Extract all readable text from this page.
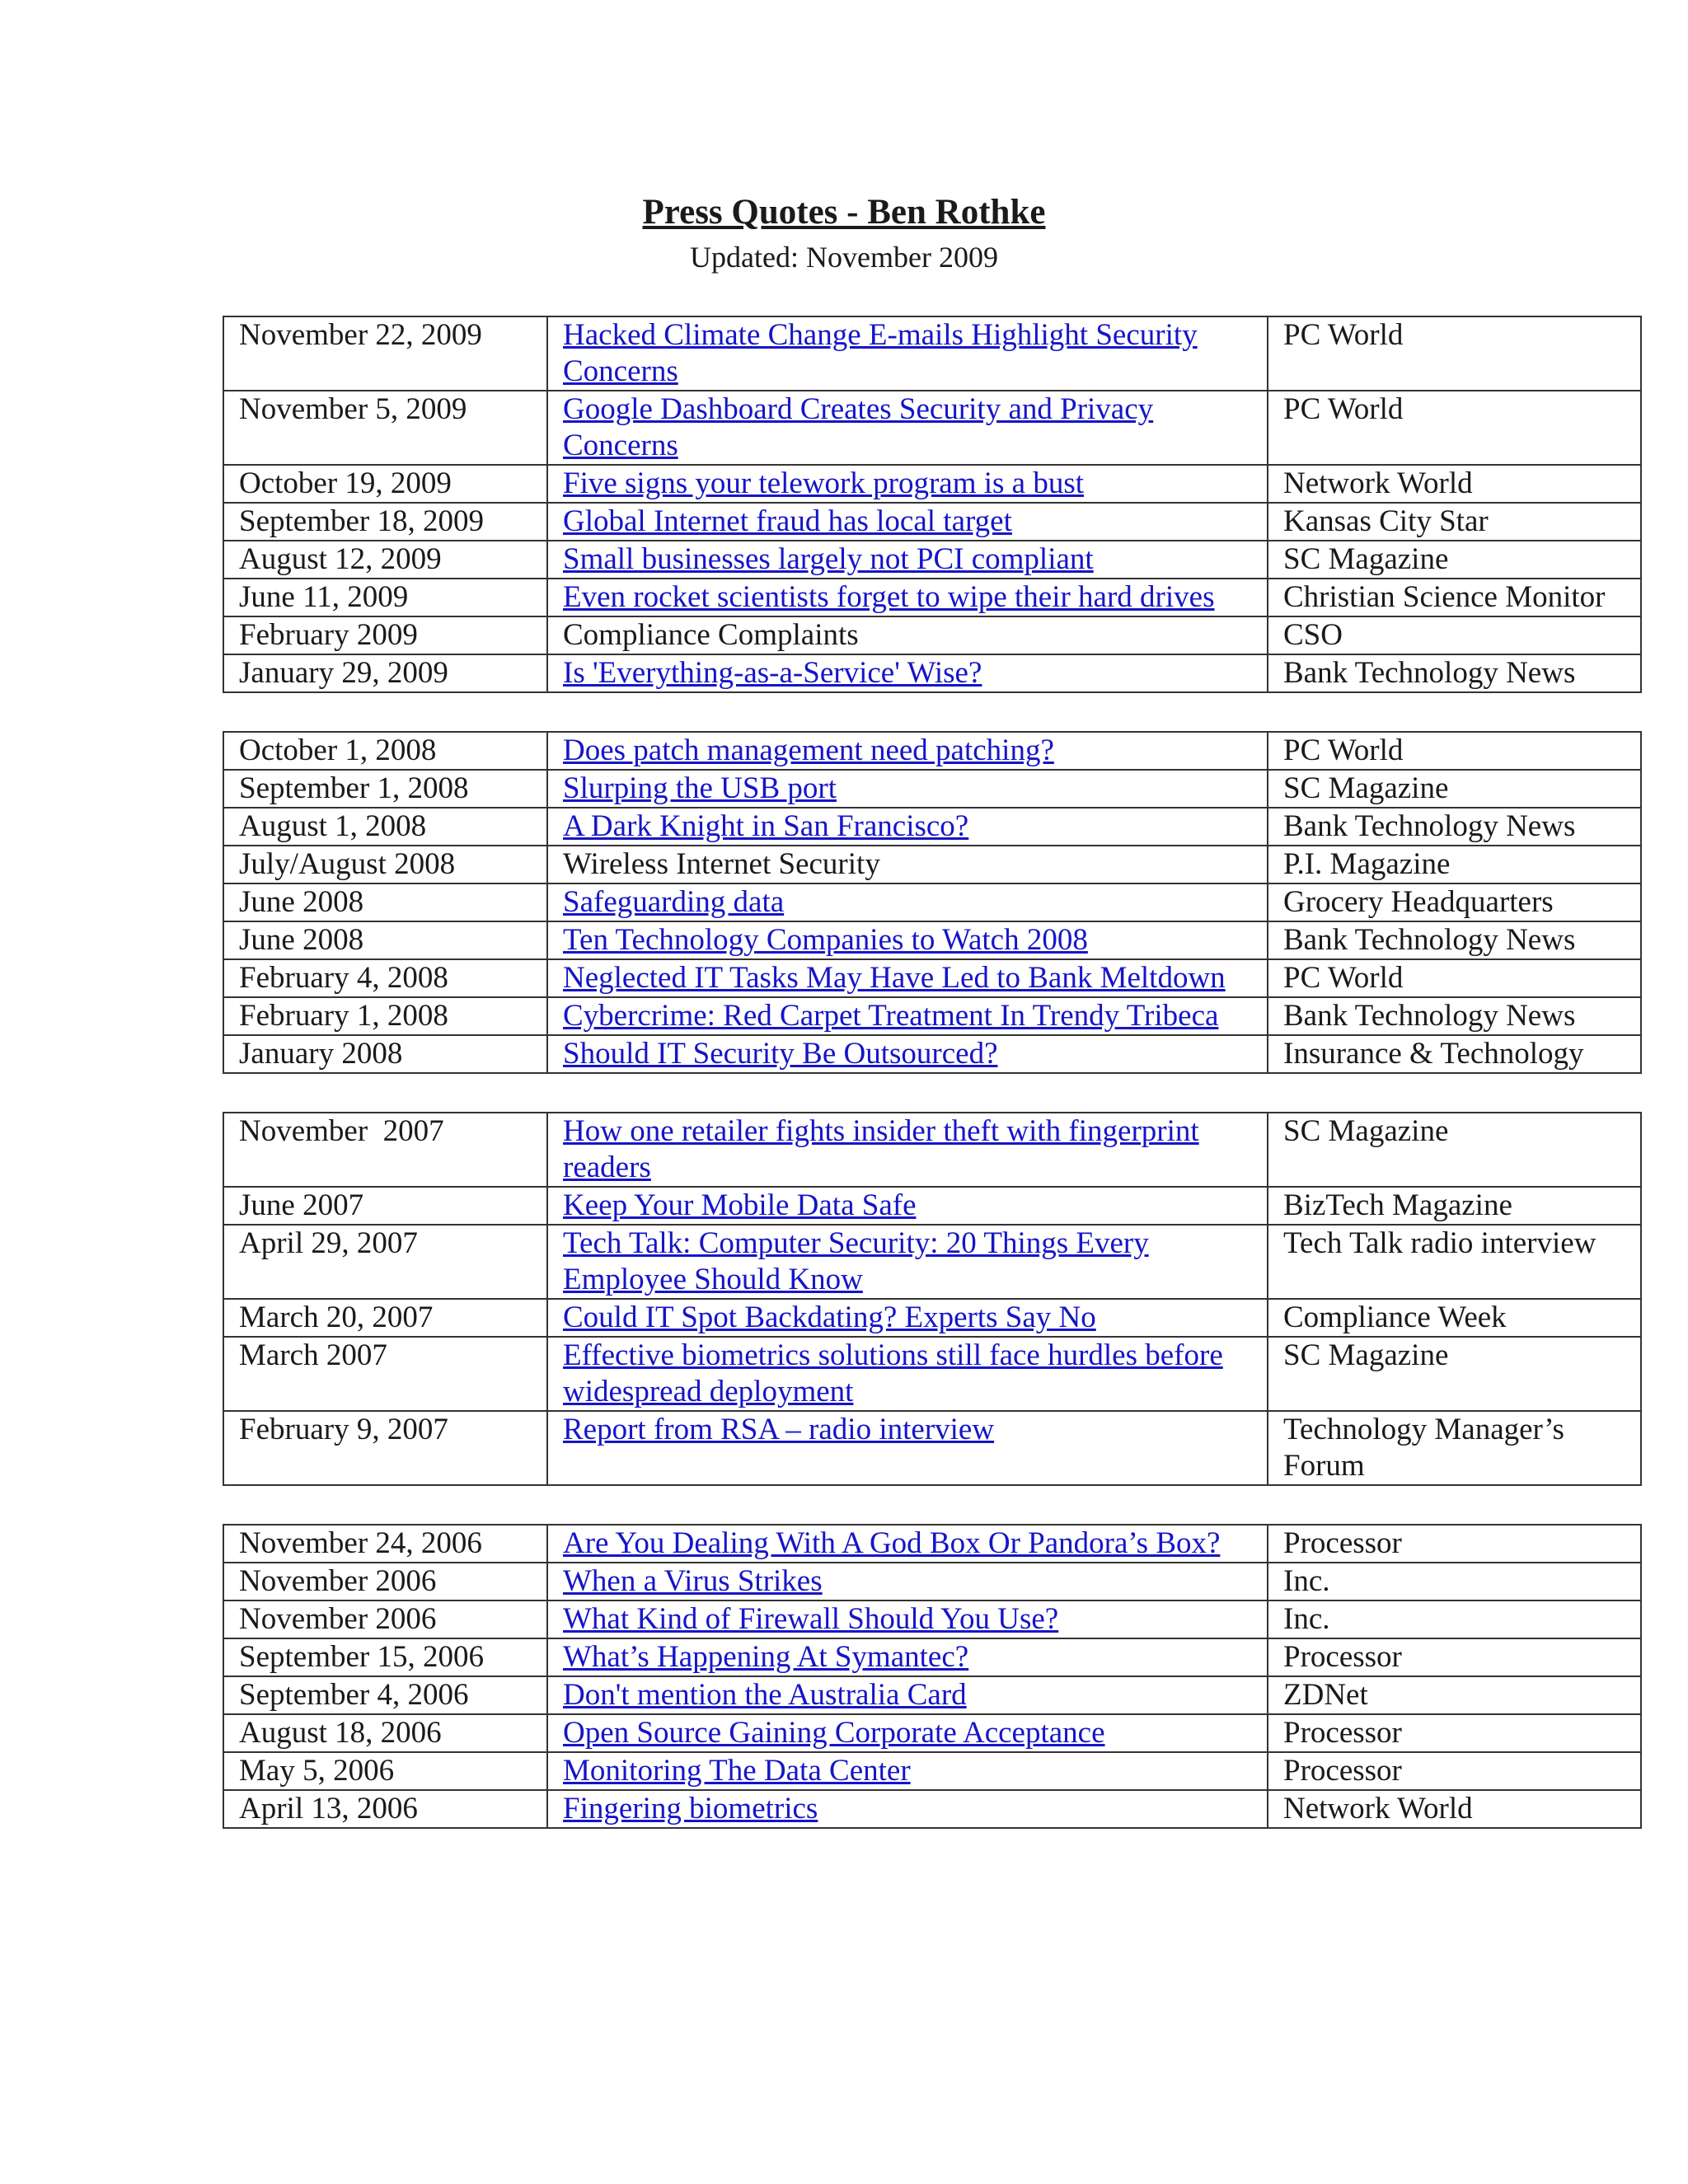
Press Quotes - Ben Rothke
Updated: November 2009
November 22, 2009	Hacked Climate Change E-mails Highlight Security Concerns	PC World
November 5, 2009	Google Dashboard Creates Security and Privacy Concerns	PC World
October 19, 2009	Five signs your telework program is a bust	Network World
September 18, 2009	Global Internet fraud has local target	Kansas City Star
August 12, 2009	Small businesses largely not PCI compliant	SC Magazine
June 11, 2009	Even rocket scientists forget to wipe their hard drives	Christian Science Monitor
February 2009	Compliance Complaints	CSO
January 29, 2009	Is 'Everything-as-a-Service' Wise?	Bank Technology News
October 1, 2008	Does patch management need patching?	PC World
September 1, 2008	Slurping the USB port	SC Magazine
August 1, 2008	A Dark Knight in San Francisco?	Bank Technology News
July/August 2008	Wireless Internet Security	P.I. Magazine
June 2008	Safeguarding data	Grocery Headquarters
June 2008	Ten Technology Companies to Watch 2008	Bank Technology News
February 4, 2008	Neglected IT Tasks May Have Led to Bank Meltdown	PC World
February 1, 2008	Cybercrime: Red Carpet Treatment In Trendy Tribeca	Bank Technology News
January 2008	Should IT Security Be Outsourced?	Insurance & Technology
November  2007	How one retailer fights insider theft with fingerprint readers	SC Magazine
June 2007	Keep Your Mobile Data Safe	BizTech Magazine
April 29, 2007	Tech Talk: Computer Security: 20 Things Every Employee Should Know	Tech Talk radio interview
March 20, 2007	Could IT Spot Backdating? Experts Say No	Compliance Week
March 2007	Effective biometrics solutions still face hurdles before widespread deployment	SC Magazine
February 9, 2007	Report from RSA – radio interview	Technology Manager’s Forum
November 24, 2006	Are You Dealing With A God Box Or Pandora’s Box?	Processor
November 2006	When a Virus Strikes	Inc.
November 2006	What Kind of Firewall Should You Use?	Inc.
September 15, 2006	What’s Happening At Symantec?	Processor
September 4, 2006	Don't mention the Australia Card	ZDNet
August 18, 2006	Open Source Gaining Corporate Acceptance	Processor
May 5, 2006	Monitoring The Data Center	Processor
April 13, 2006	Fingering biometrics	Network World
